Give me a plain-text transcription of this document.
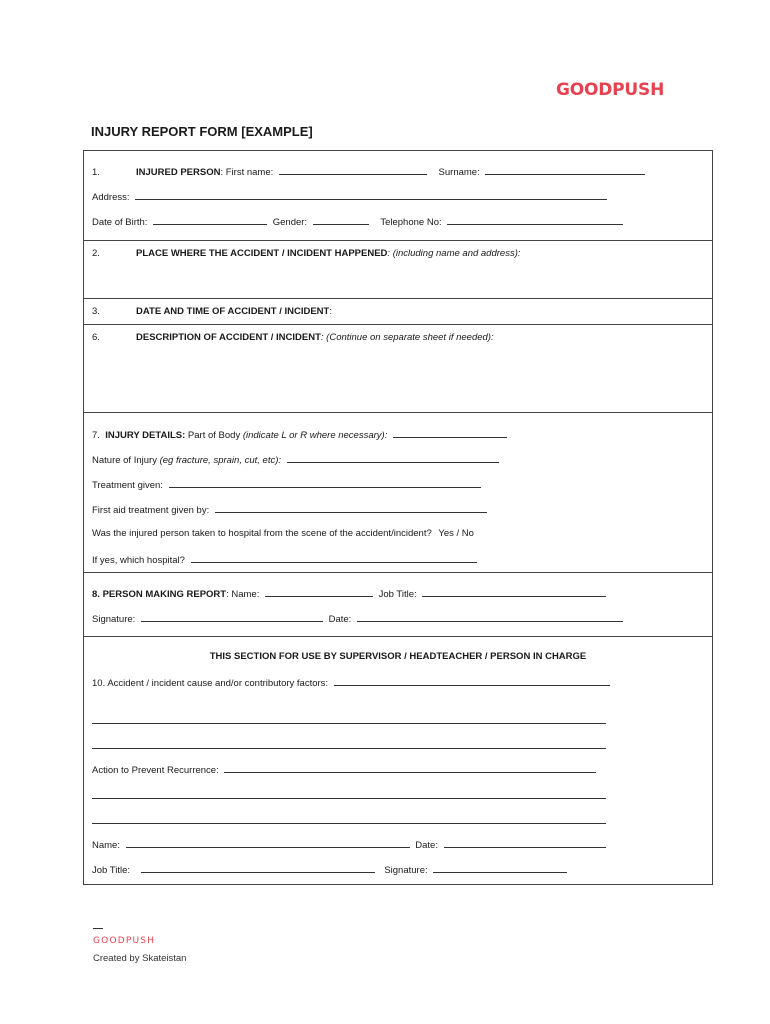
GOODPUSH
INJURY REPORT FORM [EXAMPLE]
1.	INJURED PERSON: First name:	Surname:
Address:
Date of Birth:	Gender:	Telephone No:
2.	PLACE WHERE THE ACCIDENT / INCIDENT HAPPENED: (including name and address):
3.	DATE AND TIME OF ACCIDENT / INCIDENT:
6.	DESCRIPTION OF ACCIDENT / INCIDENT: (Continue on separate sheet if needed):
7. INJURY DETAILS: Part of Body (indicate L or R where necessary):
Nature of Injury (eg fracture, sprain, cut, etc):
Treatment given:
First aid treatment given by:
Was the injured person taken to hospital from the scene of the accident/incident? Yes / No
If yes, which hospital?
8. PERSON MAKING REPORT: Name:	Job Title:
Signature:	Date:
THIS SECTION FOR USE BY SUPERVISOR / HEADTEACHER / PERSON IN CHARGE
10. Accident / incident cause and/or contributory factors:
Action to Prevent Recurrence:
Name:	Date:
Job Title:	Signature:
GOODPUSH
Created by Skateistan
